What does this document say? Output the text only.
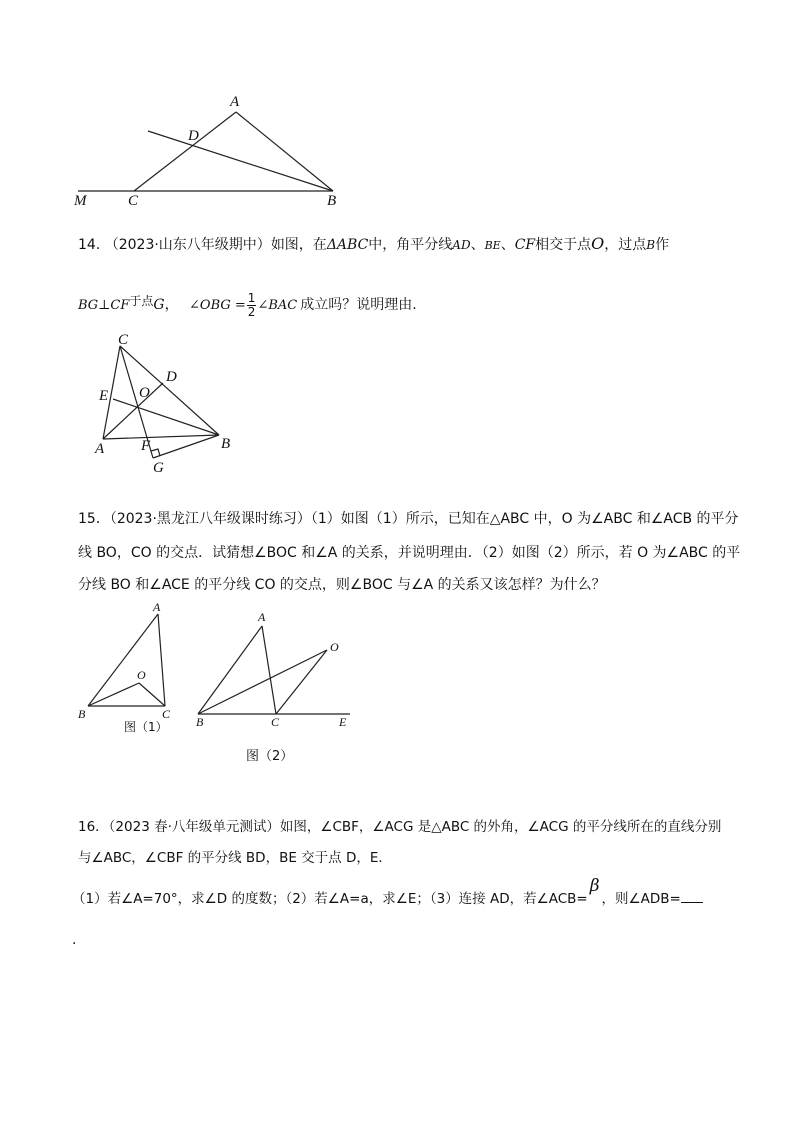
A
D
M	C	B
14. （2023·山东八年级期中）如图，在ΔABC中，角平分线AD、BE、CF相交于点O，过点B作
BG⊥CF于点G， ∠OBG = $\frac{1}{2}$ ∠BAC 成立吗？说明理由.
C
D
E O
A F	B
G
15．（2023·黑龙江八年级课时练习）（1）如图（1）所示，已知在△ABC 中，O 为∠ABC 和∠ACB 的平分
线 BO，CO 的交点．试猜想∠BOC 和∠A 的关系，并说明理由．（2）如图（2）所示，若 O 为∠ABC 的平
分线 BO 和∠ACE 的平分线 CO 的交点，则∠BOC 与∠A 的关系又该怎样？为什么？
A
O
B	C
图（1）
A
O
B	C	E
图（2）
16．（2023 春·八年级单元测试）如图，∠CBF，∠ACG 是△ABC 的外角，∠ACG 的平分线所在的直线分别
与∠ABC，∠CBF 的平分线 BD，BE 交于点 D，E．
（1）若∠A=70°，求∠D 的度数；（2）若∠A=a，求∠E；（3）连接 AD，若∠ACB=β，则∠ADB=
.
